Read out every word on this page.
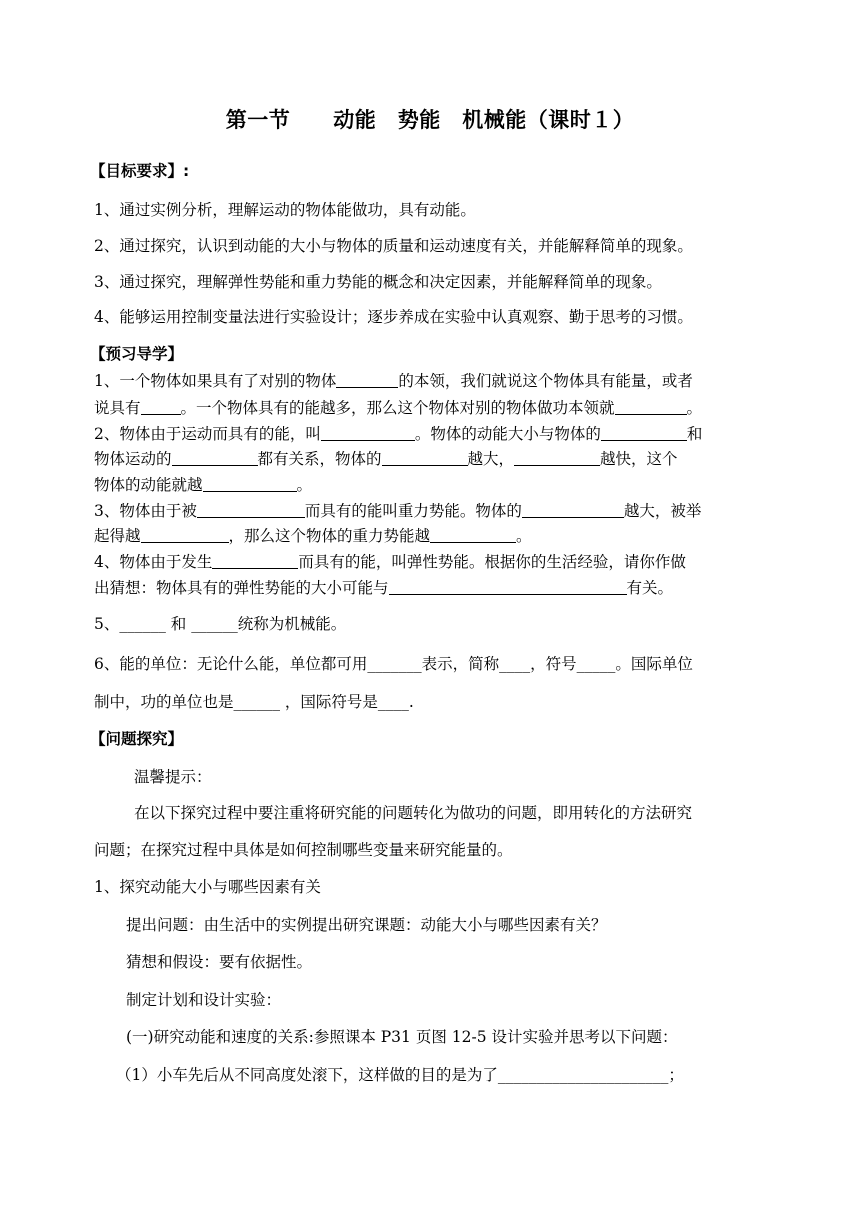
第一节　　动能　势能　机械能（课时１）
【目标要求】:
1、通过实例分析，理解运动的物体能做功，具有动能。
2、通过探究，认识到动能的大小与物体的质量和运动速度有关，并能解释简单的现象。
3、通过探究，理解弹性势能和重力势能的概念和决定因素，并能解释简单的现象。
4、能够运用控制变量法进行实验设计；逐步养成在实验中认真观察、勤于思考的习惯。
【预习导学】
1、一个物体如果具有了对别的物体	的本领，我们就说这个物体具有能量，或者
说具有	。一个物体具有的能越多，那么这个物体对别的物体做功本领就	。
2、物体由于运动而具有的能，叫	。物体的动能大小与物体的	和
物体运动的	都有关系，物体的	越大，	越快，这个
物体的动能就越	。
3、物体由于被	而具有的能叫重力势能。物体的	越大，被举
起得越	，那么这个物体的重力势能越	。
4、物体由于发生	而具有的能，叫弹性势能。根据你的生活经验，请你作做
出猜想：物体具有的弹性势能的大小可能与	有关。
5、______ 和 ______统称为机械能。
6、能的单位：无论什么能，单位都可用_______表示，简称____，符号_____。国际单位
制中，功的单位也是______ ，国际符号是____.
【问题探究】
温馨提示：
在以下探究过程中要注重将研究能的问题转化为做功的问题，即用转化的方法研究
问题；在探究过程中具体是如何控制哪些变量来研究能量的。
1、探究动能大小与哪些因素有关
提出问题：由生活中的实例提出研究课题：动能大小与哪些因素有关？
猜想和假设：要有依据性。
制定计划和设计实验：
(一)研究动能和速度的关系:参照课本 P31 页图 12-5 设计实验并思考以下问题：
（1）小车先后从不同高度处滚下，这样做的目的是为了______________________；
